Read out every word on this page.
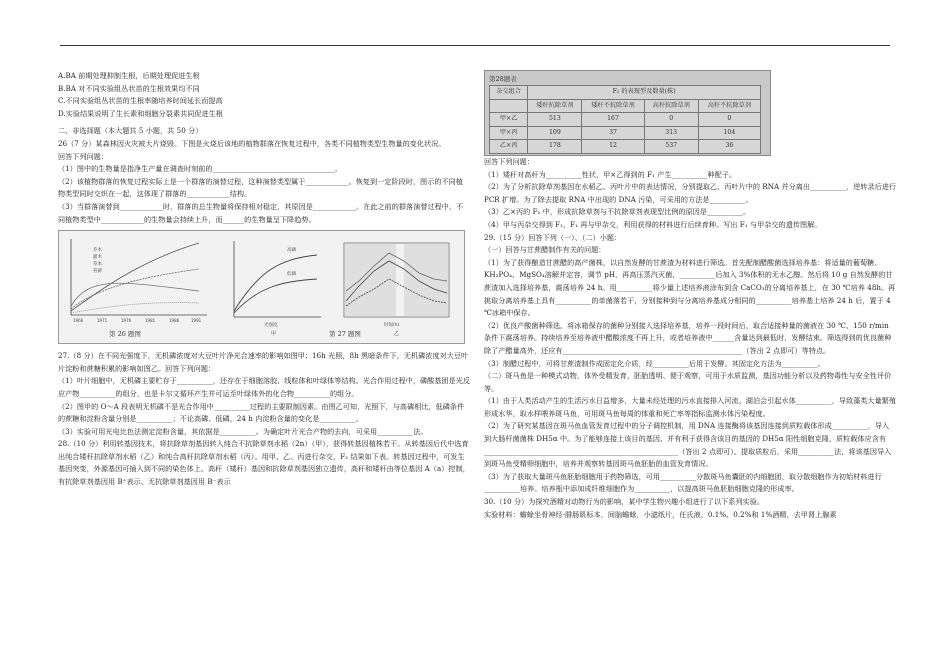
A.BA 前期处理抑制生根，后期处理促进生根

B.BA 对不同实验组丛状苗的生根效果均不同

C.不同实验组丛状苗的生根率随培养时间延长而提高

D.实验结果说明了生长素和细胞分裂素共同促进生根

二、非选择题（本大题共 5 小题，共 50 分）

26（7 分）某森林因火灾被大片烧毁。下图是火烧后该地的植物群落在恢复过程中，各类不同植物类型生物量的变化状况。

回答下列问题：

（1）图中的生物量是指净生产量在调查时刻前的__________________________________。

（2）该植物群落的恢复过程实际上是一个群落的演替过程，这种演替类型属于____________。恢复到一定阶段时，图示的不同植物类型同时交织在一起，这体现了群落的____________结构。

（3）当群落演替到____________时，群落的总生物量将保持相对稳定，其原因是____________。在此之前的群落演替过程中，不同植物类型中____________的生物量会持续上升，而______的生物量呈下降趋势。

乔木
灌木
草本
苔藓
1966	1971	1976	1981	1986	1991
高磷
低磷
光强度
甲
时间(h)
乙
第 26 题图	第 27 题图

27.（8 分）在不同光强度下，无机磷浓度对大豆叶片净光合速率的影响如图甲；16h 光照，8h 黑暗条件下，无机磷浓度对大豆叶片淀粉和蔗糖积累的影响如图乙。回答下列问题：

（1）叶片细胞中，无机磷主要贮存于__________，还存在于细胞溶胶、线粒体和叶绿体等结构。光合作用过程中，磷酸基团是光反应产物__________的组分，也是卡尔文循环产生并可运至叶绿体外的化合物__________的组分。

（2）图甲的 O～A 段表明无机磷不是光合作用中__________过程的主要限制因素。由图乙可知，光照下，与高磷相比，低磷条件的蔗糖和淀粉含量分别是__________；不论高磷、低磷，24 h 内淀粉含量的变化是__________。

（3）实验可用光电比色法测定淀粉含量，其依据是__________。为确定叶片光合产物的去向，可采用__________法。

28.（10 分）利用转基因技术，将抗除草剂基因转入纯合不抗除草剂水稻（2n）（甲），获得转基因植株若干。从转基因后代中选育出纯合矮秆抗除草剂水稻（乙）和纯合高秆抗除草剂水稻（丙）。用甲、乙、丙进行杂交，F₂ 结果如下表。转基因过程中，可发生基因突变，外源基因可插入到不同的染色体上。高秆（矮秆）基因和抗除草剂基因独立遗传，高秆和矮秆由等位基因 A（a）控制，有抗除草剂基因用 B⁺表示、无抗除草剂基因用 B⁻表示

第28题表
杂交组合	F₂ 的表现型及数量(株)			
	矮秆抗除草剂	矮秆不抗除草剂	高秆抗除草剂	高秆不抗除草剂
甲×乙	513	167	0	0
甲×丙	109	37	313	104
乙×丙	178	12	537	36

回答下列问题：

（1）矮秆对高秆为__________性状，甲×乙得到的 F₁ 产生__________种配子。

（2）为了分析抗除草剂基因在水稻乙、丙叶片中的表达情况，分别提取乙、丙叶片中的 RNA 并分离出__________，逆转录后进行 PCR 扩增。为了除去提取 RNA 中出现的 DNA 污染，可采用的方法是__________。

（3）乙×丙的 F₂ 中，形成抗除草剂与不抗除草剂表现型比例的原因是__________。

（4）甲与丙杂交得到 F₁，F₁ 再与甲杂交，利用获得的材料进行后续育种。写出 F₁ 与甲杂交的遗传图解。

29.（15 分）回答下列（一）、（二）小题：

（一）回答与甘蔗醋制作有关的问题：

（1）为了获得酿造甘蔗醋的高产菌株，以自然发酵的甘蔗渣为材料进行筛选。首先配制醋酸菌选择培养基：将适量的葡萄糖、KH₂PO₄、MgSO₄溶解并定容，调节 pH，再高压蒸汽灭菌，__________后加入 3%体积的无水乙醇。然后将 10 g 自然发酵的甘蔗渣加入选择培养基，震荡培养 24 h。用__________将少量上述培养液涂布到含 CaCO₃的分离培养基上，在 30 ℃培养 48h。再挑取分离培养基上具有__________的单菌落若干，分别接种到与分离培养基成分相同的__________培养基上培养 24 h 后，置于 4 ℃冰箱中保存。

（2）优良产酸菌种筛选。将冰箱保存的菌种分别接入选择培养基，培养一段时间后，取合适接种量的菌液在 30 ℃、150 r/min 条件下震荡培养。持续培养至培养液中醋酸浓度不再上升，或者培养液中______含量达到最低时，发酵结束。筛选得到的优良菌种除了产醋量高外，还应有__________________________________________________（答出 2 点即可）等特点。

（3）制醋过程中，可将甘蔗渣制作成固定化介质，经__________后用于发酵。其固定化方法为__________。

（二）斑马鱼是一种模式动物，体外受精发育，胚胎透明、便于观察，可用于水质监测，基因功能分析以及药物毒性与安全性评价等。

（1）由于人类活动产生的生活污水日益增多，大量未经处理的污水直接排入河流、湖泊会引起水体__________，导致藻类大量繁殖形成水华，取水样喂养斑马鱼，可用斑马鱼每周的体重和死亡率等指标监测水体污染程度。

（2）为了研究某基因在斑马鱼血管发育过程中的分子调控机制，用 DNA 连接酶将该基因连接到质粒载体形成__________，导入到大肠杆菌菌株 DH5α 中。为了能够连接上该目的基因、并有利于获得含该目的基因的 DH5α 阳性细胞克隆，质粒载体应含有______________________________________________________（答出 2 点即可）。提取质粒后，采用__________法，将该基因导入到斑马鱼受精卵细胞中，培养并观察转基因斑马鱼胚胎的血管发育情况。

（3）为了获取大量斑马鱼胚胎细胞用于药物筛选，可用__________分散斑马鱼囊胚的内细胞团，取分散细胞作为初始材料进行__________培养。培养瓶中添加成纤维细胞作为__________，以提高斑马鱼胚胎细胞克隆的形成率。

30.（10 分）为探究酒精对动物行为的影响，某中学生物兴趣小组进行了以下系列实验。

实验材料：蟾蜍坐骨神经-腓肠肌标本，间脑蟾蜍，小滤纸片，任氏液，0.1%、0.2%和 1%酒精，去甲肾上腺素
